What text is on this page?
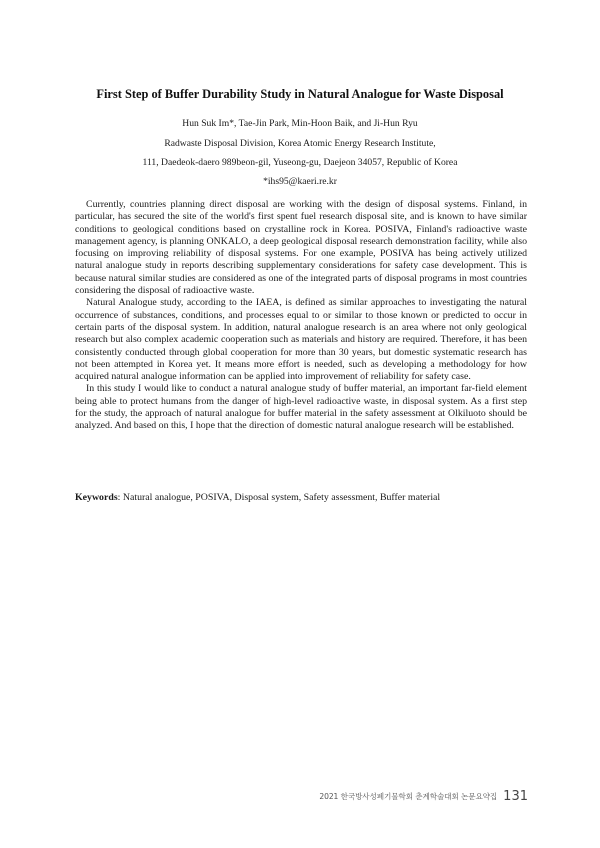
First Step of Buffer Durability Study in Natural Analogue for Waste Disposal
Hun Suk Im*, Tae-Jin Park, Min-Hoon Baik, and Ji-Hun Ryu
Radwaste Disposal Division, Korea Atomic Energy Research Institute,
111, Daedeok-daero 989beon-gil, Yuseong-gu, Daejeon 34057, Republic of Korea
*ihs95@kaeri.re.kr

Currently, countries planning direct disposal are working with the design of disposal systems. Finland, in particular, has secured the site of the world's first spent fuel research disposal site, and is known to have similar conditions to geological conditions based on crystalline rock in Korea. POSIVA, Finland's radioactive waste management agency, is planning ONKALO, a deep geological disposal research demonstration facility, while also focusing on improving reliability of disposal systems. For one example, POSIVA has being actively utilized natural analogue study in reports describing supplementary considerations for safety case development. This is because natural similar studies are considered as one of the integrated parts of disposal programs in most countries considering the disposal of radioactive waste.

Natural Analogue study, according to the IAEA, is defined as similar approaches to investigating the natural occurrence of substances, conditions, and processes equal to or similar to those known or predicted to occur in certain parts of the disposal system. In addition, natural analogue research is an area where not only geological research but also complex academic cooperation such as materials and history are required. Therefore, it has been consistently conducted through global cooperation for more than 30 years, but domestic systematic research has not been attempted in Korea yet. It means more effort is needed, such as developing a methodology for how acquired natural analogue information can be applied into improvement of reliability for safety case.

In this study I would like to conduct a natural analogue study of buffer material, an important far-field element being able to protect humans from the danger of high-level radioactive waste, in disposal system. As a first step for the study, the approach of natural analogue for buffer material in the safety assessment at Olkiluoto should be analyzed. And based on this, I hope that the direction of domestic natural analogue research will be established.

Keywords: Natural analogue, POSIVA, Disposal system, Safety assessment, Buffer material
2021 한국방사성폐기물학회 춘계학술대회 논문요약집 131
